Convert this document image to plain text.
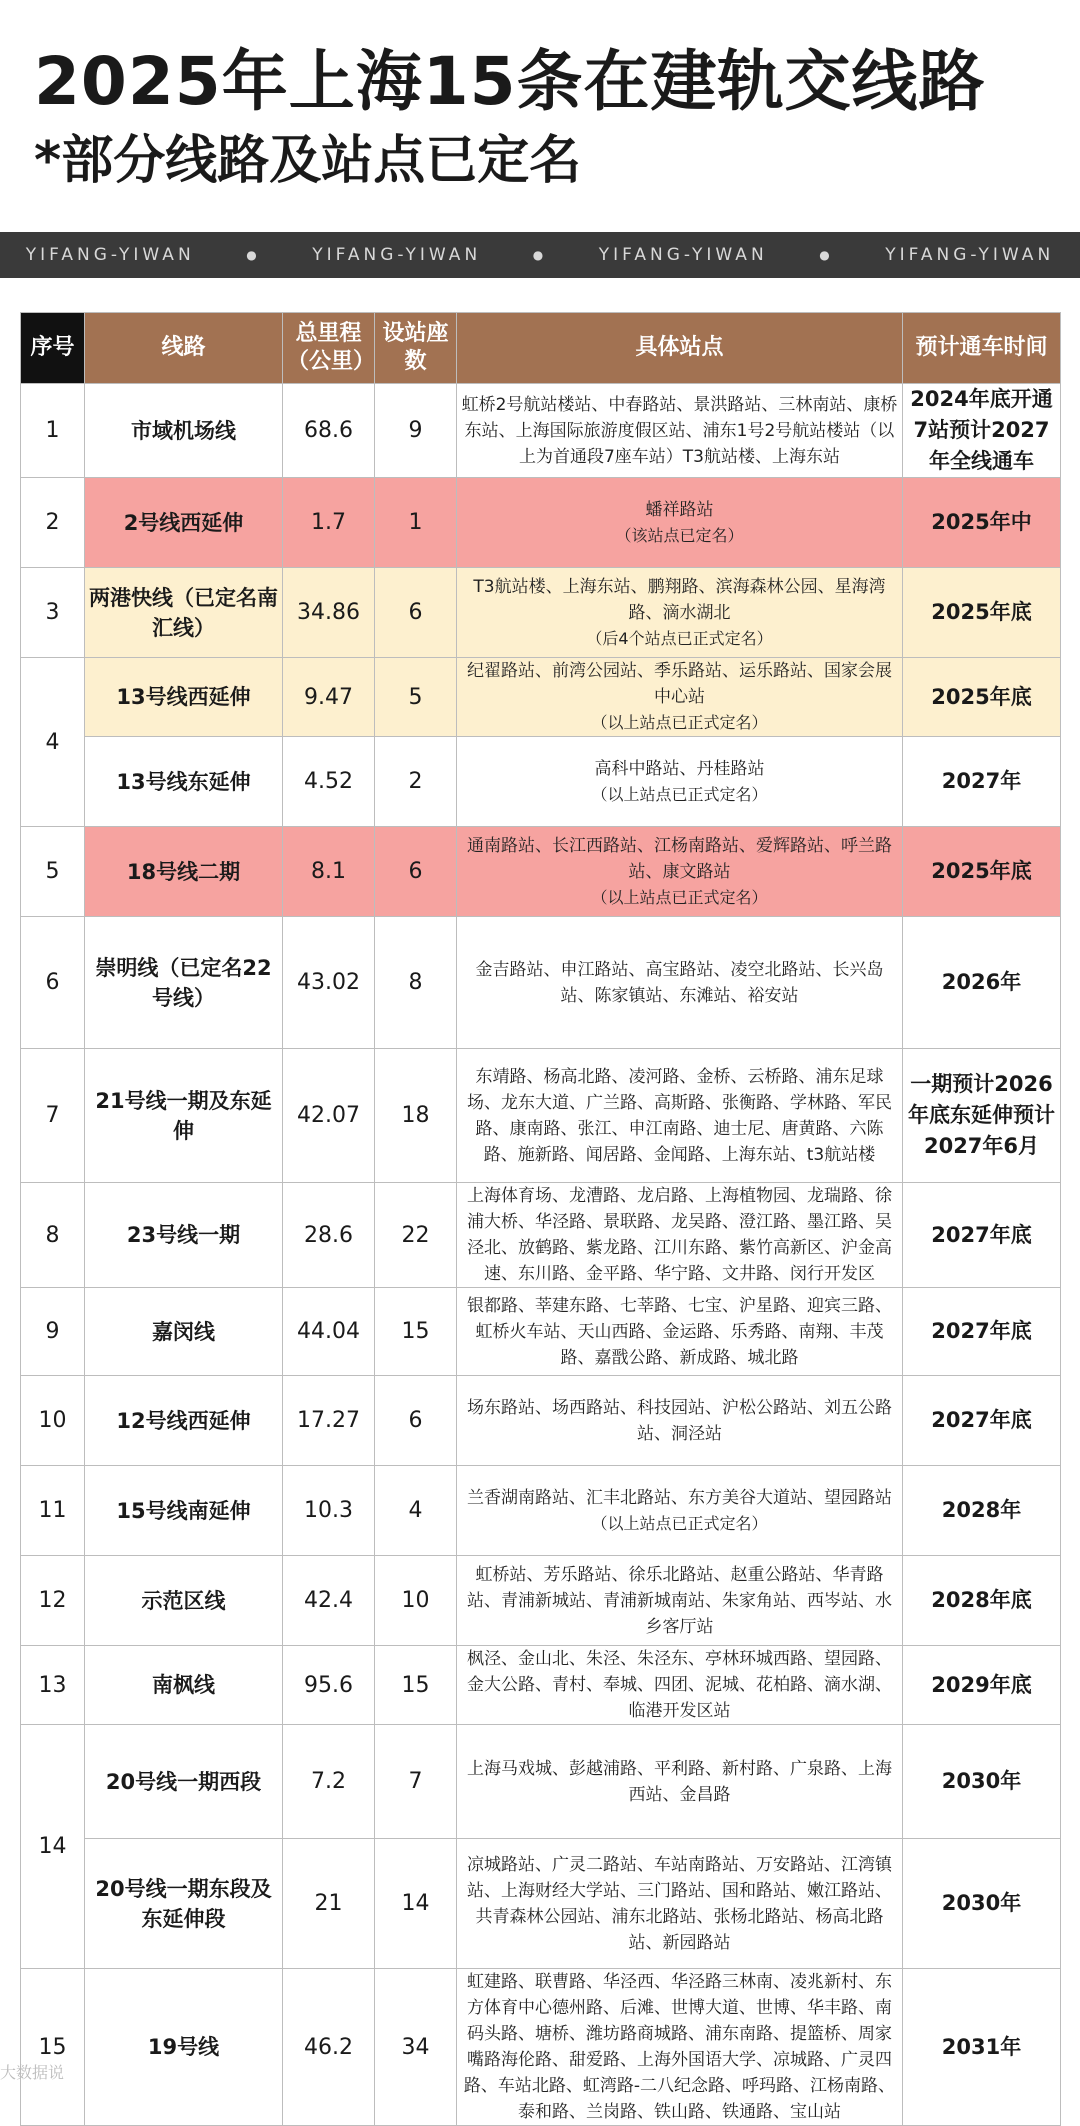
2025年上海15条在建轨交线路
*部分线路及站点已定名
YIFANG-YIWAN	●	YIFANG-YIWAN	●	YIFANG-YIWAN	●	YIFANG-YIWAN
序号	线路	总里程（公里）	设站座数	具体站点	预计通车时间
1	市域机场线	68.6	9	虹桥2号航站楼站、中春路站、景洪路站、三林南站、康桥东站、上海国际旅游度假区站、浦东1号2号航站楼站（以上为首通段7座车站）T3航站楼、上海东站	2024年底开通7站预计2027年全线通车
2	2号线西延伸	1.7	1	蟠祥路站
（该站点已定名）	2025年中
3	两港快线（已定名南汇线）	34.86	6	T3航站楼、上海东站、鹏翔路、滨海森林公园、星海湾路、滴水湖北
（后4个站点已正式定名）	2025年底
4	13号线西延伸	9.47	5	纪翟路站、前湾公园站、季乐路站、运乐路站、国家会展中心站
（以上站点已正式定名）	2025年底
	13号线东延伸	4.52	2	高科中路站、丹桂路站
（以上站点已正式定名）	2027年
5	18号线二期	8.1	6	通南路站、长江西路站、江杨南路站、爱辉路站、呼兰路站、康文路站
（以上站点已正式定名）	2025年底
6	崇明线（已定名22号线）	43.02	8	金吉路站、申江路站、高宝路站、凌空北路站、长兴岛站、陈家镇站、东滩站、裕安站	2026年
7	21号线一期及东延伸	42.07	18	东靖路、杨高北路、凌河路、金桥、云桥路、浦东足球场、龙东大道、广兰路、高斯路、张衡路、学林路、军民路、康南路、张江、申江南路、迪士尼、唐黄路、六陈路、施新路、闻居路、金闻路、上海东站、t3航站楼	一期预计2026年底东延伸预计2027年6月
8	23号线一期	28.6	22	上海体育场、龙漕路、龙启路、上海植物园、龙瑞路、徐浦大桥、华泾路、景联路、龙吴路、澄江路、墨江路、吴泾北、放鹤路、紫龙路、江川东路、紫竹高新区、沪金高速、东川路、金平路、华宁路、文井路、闵行开发区	2027年底
9	嘉闵线	44.04	15	银都路、莘建东路、七莘路、七宝、沪星路、迎宾三路、虹桥火车站、天山西路、金运路、乐秀路、南翔、丰茂路、嘉戬公路、新成路、城北路	2027年底
10	12号线西延伸	17.27	6	场东路站、场西路站、科技园站、沪松公路站、刘五公路站、洞泾站	2027年底
11	15号线南延伸	10.3	4	兰香湖南路站、汇丰北路站、东方美谷大道站、望园路站
（以上站点已正式定名）	2028年
12	示范区线	42.4	10	虹桥站、芳乐路站、徐乐北路站、赵重公路站、华青路站、青浦新城站、青浦新城南站、朱家角站、西岑站、水乡客厅站	2028年底
13	南枫线	95.6	15	枫泾、金山北、朱泾、朱泾东、亭林环城西路、望园路、金大公路、青村、奉城、四团、泥城、花柏路、滴水湖、临港开发区站	2029年底
14	20号线一期西段	7.2	7	上海马戏城、彭越浦路、平利路、新村路、广泉路、上海西站、金昌路	2030年
	20号线一期东段及东延伸段	21	14	凉城路站、广灵二路站、车站南路站、万安路站、江湾镇站、上海财经大学站、三门路站、国和路站、嫩江路站、共青森林公园站、浦东北路站、张杨北路站、杨高北路站、新园路站	2030年
15	19号线	46.2	34	虹建路、联曹路、华泾西、华泾路三林南、凌兆新村、东方体育中心德州路、后滩、世博大道、世博、华丰路、南码头路、塘桥、潍坊路商城路、浦东南路、提篮桥、周家嘴路海伦路、甜爱路、上海外国语大学、凉城路、广灵四路、车站北路、虹湾路-二八纪念路、呼玛路、江杨南路、泰和路、兰岗路、铁山路、铁通路、宝山站	2031年
大数据说
